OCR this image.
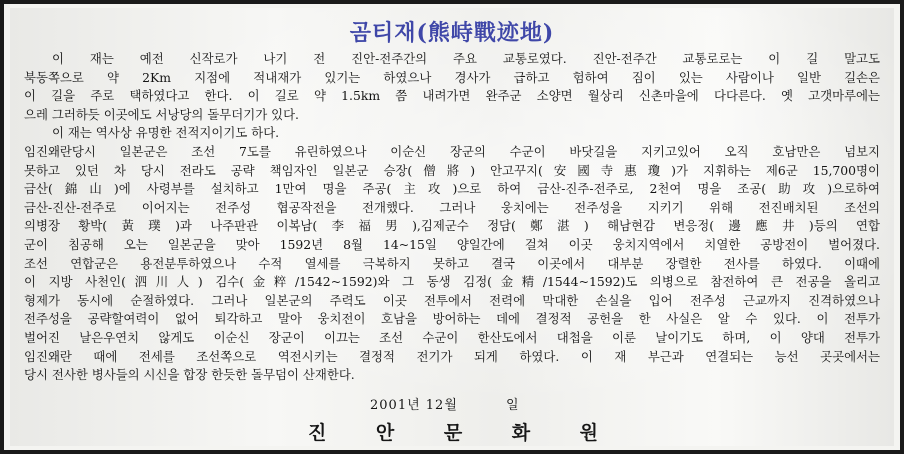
곰티재(熊峙戰迹地)
이 재는 예전 신작로가 나기 전 진안-전주간의 주요 교통로였다. 진안-전주간 교통로로는 이 길 말고도
북동쪽으로 약 2Km 지점에 적내재가 있기는 하였으나 경사가 급하고 험하여 짐이 있는 사람이나 일반 길손은
이 길을 주로 택하였다고 한다. 이 길로 약 1.5km 쯤 내려가면 완주군 소양면 월상리 신촌마을에 다다른다. 옛 고갯마루에는
으레 그러하듯 이곳에도 서낭당의 돌무더기가 있다.
이 재는 역사상 유명한 전적지이기도 하다.
임진왜란당시 일본군은 조선 7도를 유린하였으나 이순신 장군의 수군이 바닷길을 지키고있어 오직 호남만은 넘보지
못하고 있던 차 당시 전라도 공략 책임자인 일본군 승장(僧將) 안고꾸지(安國寺惠瓊)가 지휘하는 제6군 15,700명이
금산(錦山)에 사령부를 설치하고 1만여 명을 주공(主攻)으로 하여 금산-진주-전주로, 2천여 명을 조공(助攻)으로하여
금산-진산-전주로 이어지는 전주성 협공작전을 전개했다. 그러나 웅치에는 전주성을 지키기 위해 전진배치된 조선의
의병장 황박(黃璞)과 나주판관 이복남(李福男),김제군수 정담(鄭湛) 해남현감 변응정(邊應井)등의 연합
군이 침공해 오는 일본군을 맞아 1592년 8월 14~15일 양일간에 걸쳐 이곳 웅치지역에서 치열한 공방전이 벌어졌다.
조선 연합군은 용전분투하였으나 수적 열세를 극복하지 못하고 결국 이곳에서 대부분 장렬한 전사를 하였다. 이때에
이 지방 사천인(泗川人) 김수(金粹/1542~1592)와 그 동생 김정(金精/1544~1592)도 의병으로 참전하여 큰 전공을 올리고
형제가 동시에 순절하였다. 그러나 일본군의 주력도 이곳 전투에서 전력에 막대한 손실을 입어 전주성 근교까지 진격하였으나
전주성을 공략할여력이 없어 퇴각하고 말아 웅치전이 호남을 방어하는 데에 결정적 공헌을 한 사실은 알 수 있다. 이 전투가
벌어진 날은우연치 않게도 이순신 장군이 이끄는 조선 수군이 한산도에서 대첩을 이룬 날이기도 하며, 이 양대 전투가
임진왜란 때에 전세를 조선쪽으로 역전시키는 결정적 전기가 되게 하였다. 이 재 부근과 연결되는 능선 곳곳에서는
당시 전사한 병사들의 시신을 합장 한듯한 돌무덤이 산재한다.
2001년 12월	일
진	안	문	화	원
